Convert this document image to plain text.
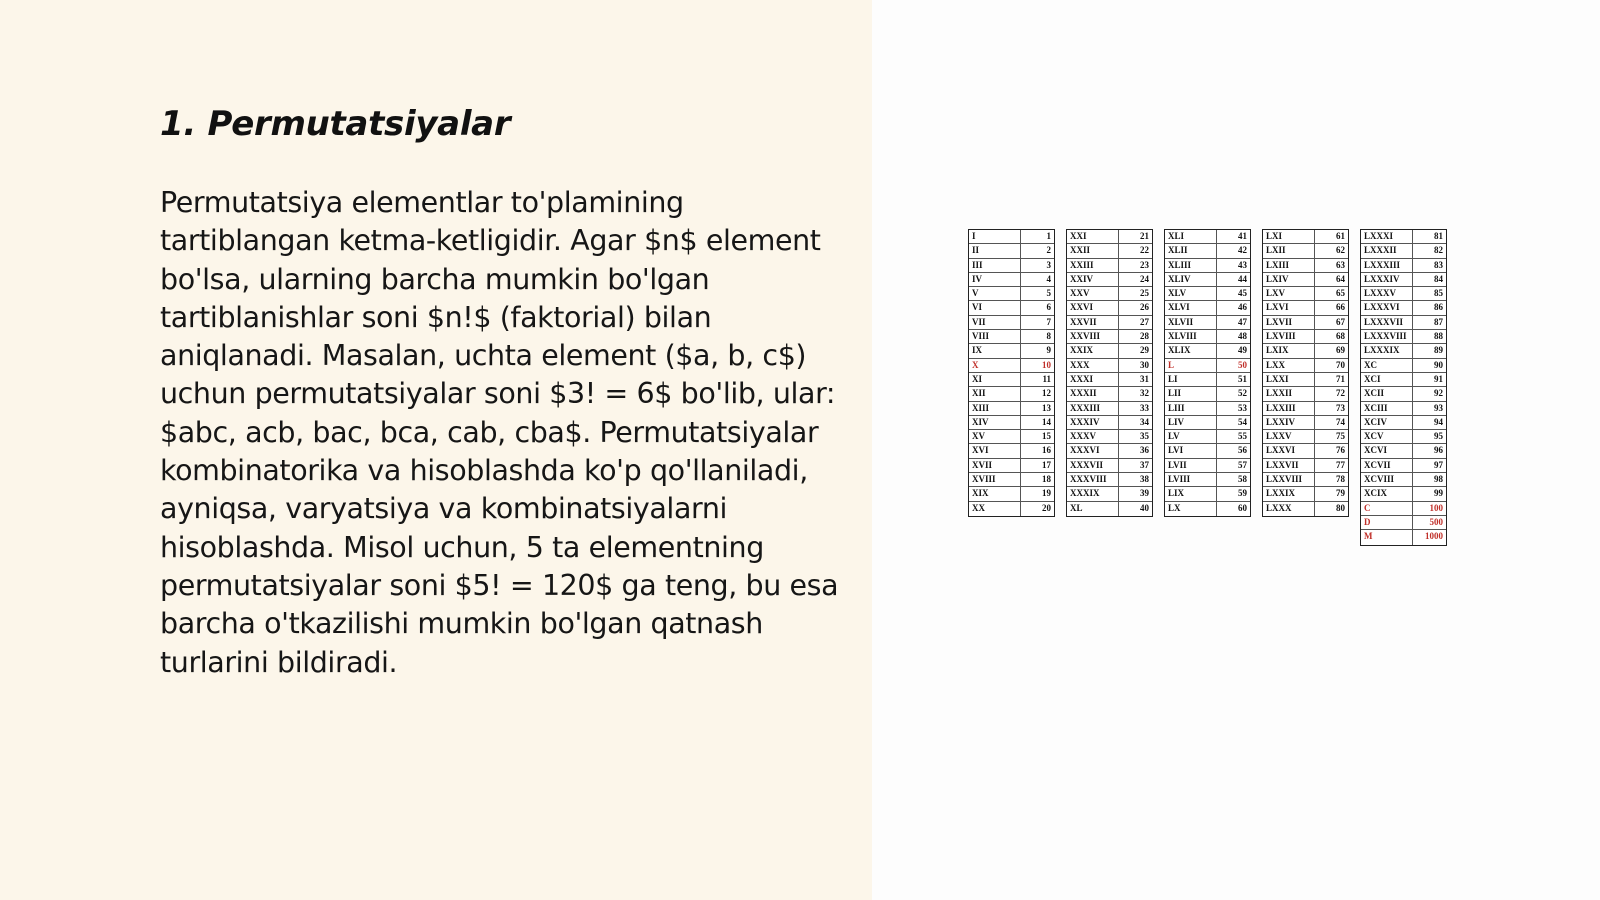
1. Permutatsiyalar

Permutatsiya elementlar to'plamining tartiblangan ketma-ketligidir. Agar $n$ element bo'lsa, ularning barcha mumkin bo'lgan tartiblanishlar soni $n!$ (faktorial) bilan aniqlanadi. Masalan, uchta element ($a, b, c$) uchun permutatsiyalar soni $3! = 6$ bo'lib, ular: $abc, acb, bac, bca, cab, cba$. Permutatsiyalar kombinatorika va hisoblashda ko'p qo'llaniladi, ayniqsa, varyatsiya va kombinatsiyalarni hisoblashda. Misol uchun, 5 ta elementning permutatsiyalar soni $5! = 120$ ga teng, bu esa barcha o'tkazilishi mumkin bo'lgan qatnash turlarini bildiradi.

I	1
II	2
III	3
IV	4
V	5
VI	6
VII	7
VIII	8
IX	9
X	10
XI	11
XII	12
XIII	13
XIV	14
XV	15
XVI	16
XVII	17
XVIII	18
XIX	19
XX	20
XXI	21
XXII	22
XXIII	23
XXIV	24
XXV	25
XXVI	26
XXVII	27
XXVIII	28
XXIX	29
XXX	30
XXXI	31
XXXII	32
XXXIII	33
XXXIV	34
XXXV	35
XXXVI	36
XXXVII	37
XXXVIII	38
XXXIX	39
XL	40
XLI	41
XLII	42
XLIII	43
XLIV	44
XLV	45
XLVI	46
XLVII	47
XLVIII	48
XLIX	49
L	50
LI	51
LII	52
LIII	53
LIV	54
LV	55
LVI	56
LVII	57
LVIII	58
LIX	59
LX	60
LXI	61
LXII	62
LXIII	63
LXIV	64
LXV	65
LXVI	66
LXVII	67
LXVIII	68
LXIX	69
LXX	70
LXXI	71
LXXII	72
LXXIII	73
LXXIV	74
LXXV	75
LXXVI	76
LXXVII	77
LXXVIII	78
LXXIX	79
LXXX	80
LXXXI	81
LXXXII	82
LXXXIII	83
LXXXIV	84
LXXXV	85
LXXXVI	86
LXXXVII	87
LXXXVIII	88
LXXXIX	89
XC	90
XCI	91
XCII	92
XCIII	93
XCIV	94
XCV	95
XCVI	96
XCVII	97
XCVIII	98
XCIX	99
C	100
D	500
M	1000
